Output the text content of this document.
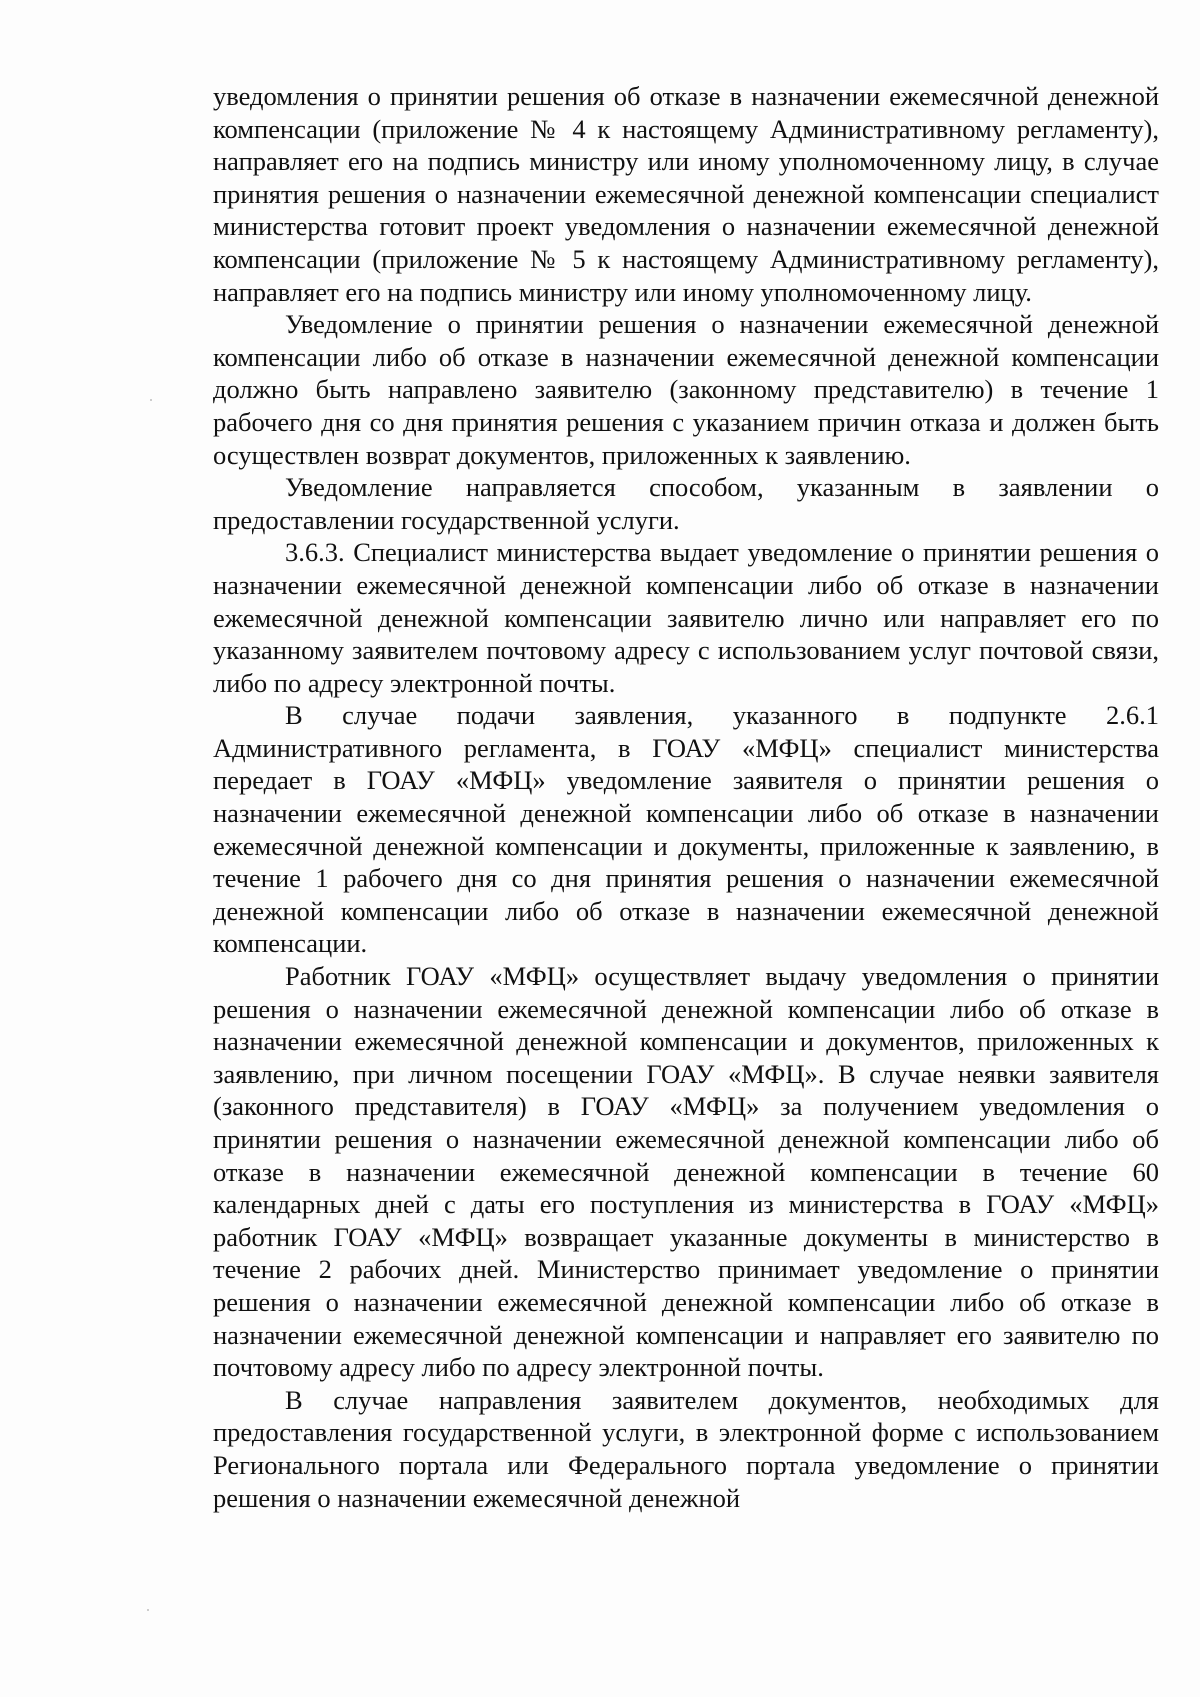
уведомления о принятии решения об отказе в назначении ежемесячной денежной компенсации (приложение № 4 к настоящему Административному регламенту), направляет его на подпись министру или иному уполномоченному лицу, в случае принятия решения о назначении ежемесячной денежной компенсации специалист министерства готовит проект уведомления о назначении ежемесячной денежной компенсации (приложение № 5 к настоящему Административному регламенту), направляет его на подпись министру или иному уполномоченному лицу.

Уведомление о принятии решения о назначении ежемесячной денежной компенсации либо об отказе в назначении ежемесячной денежной компенсации должно быть направлено заявителю (законному представителю) в течение 1 рабочего дня со дня принятия решения с указанием причин отказа и должен быть осуществлен возврат документов, приложенных к заявлению.

Уведомление направляется способом, указанным в заявлении о предоставлении государственной услуги.

3.6.3. Специалист министерства выдает уведомление о принятии решения о назначении ежемесячной денежной компенсации либо об отказе в назначении ежемесячной денежной компенсации заявителю лично или направляет его по указанному заявителем почтовому адресу с использованием услуг почтовой связи, либо по адресу электронной почты.

В случае подачи заявления, указанного в подпункте 2.6.1 Административного регламента, в ГОАУ «МФЦ» специалист министерства передает в ГОАУ «МФЦ» уведомление заявителя о принятии решения о назначении ежемесячной денежной компенсации либо об отказе в назначении ежемесячной денежной компенсации и документы, приложенные к заявлению, в течение 1 рабочего дня со дня принятия решения о назначении ежемесячной денежной компенсации либо об отказе в назначении ежемесячной денежной компенсации.

Работник ГОАУ «МФЦ» осуществляет выдачу уведомления о принятии решения о назначении ежемесячной денежной компенсации либо об отказе в назначении ежемесячной денежной компенсации и документов, приложенных к заявлению, при личном посещении ГОАУ «МФЦ». В случае неявки заявителя (законного представителя) в ГОАУ «МФЦ» за получением уведомления о принятии решения о назначении ежемесячной денежной компенсации либо об отказе в назначении ежемесячной денежной компенсации в течение 60 календарных дней с даты его поступления из министерства в ГОАУ «МФЦ» работник ГОАУ «МФЦ» возвращает указанные документы в министерство в течение 2 рабочих дней. Министерство принимает уведомление о принятии решения о назначении ежемесячной денежной компенсации либо об отказе в назначении ежемесячной денежной компенсации и направляет его заявителю по почтовому адресу либо по адресу электронной почты.

В случае направления заявителем документов, необходимых для предоставления государственной услуги, в электронной форме с использованием Регионального портала или Федерального портала уведомление о принятии решения о назначении ежемесячной денежной
